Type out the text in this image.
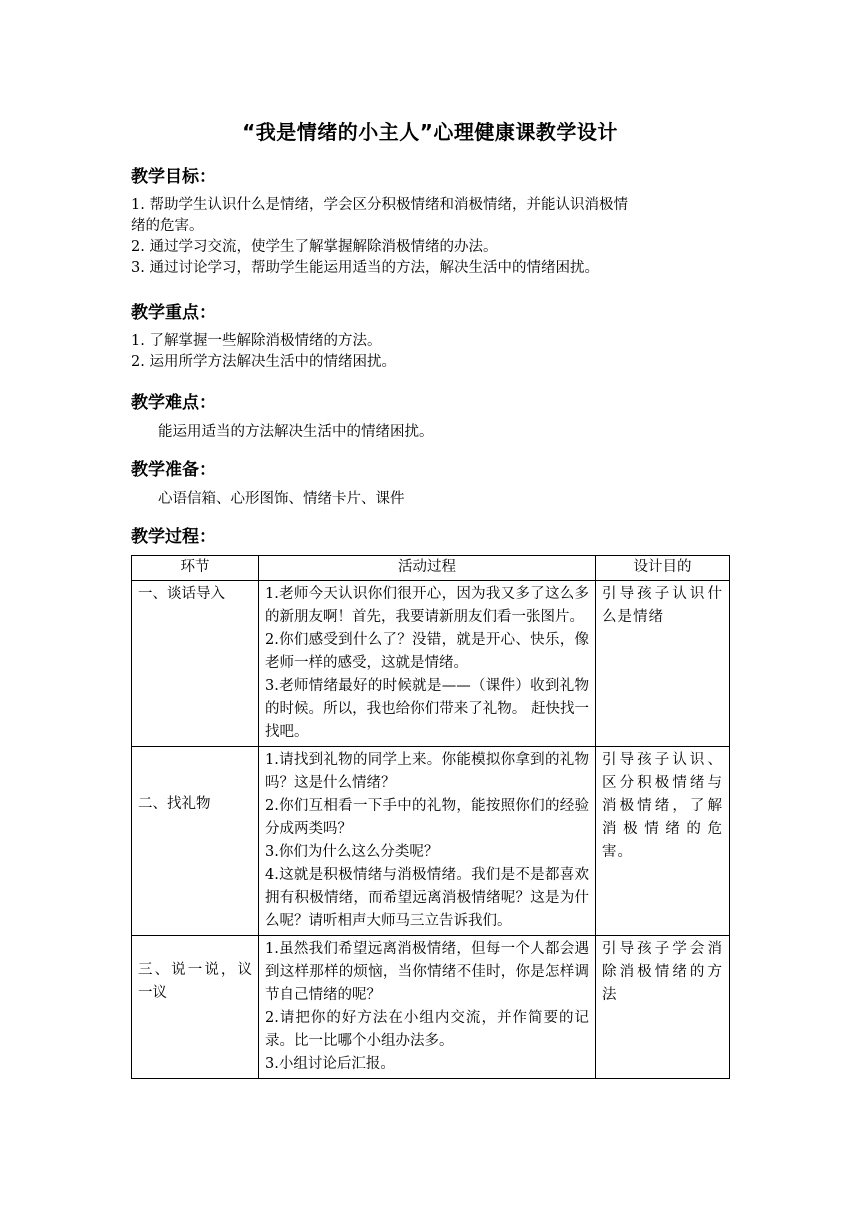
“我是情绪的小主人”心理健康课教学设计
教学目标：
1. 帮助学生认识什么是情绪，学会区分积极情绪和消极情绪，并能认识消极情
绪的危害。
2. 通过学习交流，使学生了解掌握解除消极情绪的办法。
3. 通过讨论学习，帮助学生能运用适当的方法，解决生活中的情绪困扰。
教学重点：
1. 了解掌握一些解除消极情绪的方法。
2. 运用所学方法解决生活中的情绪困扰。
教学难点：
能运用适当的方法解决生活中的情绪困扰。
教学准备：
心语信箱、心形图饰、情绪卡片、课件
教学过程：
环节	活动过程	设计目的
一、谈话导入	1.老师今天认识你们很开心，因为我又多了这么多的新朋友啊！首先，我要请新朋友们看一张图片。
2.你们感受到什么了？没错，就是开心、快乐，像老师一样的感受，这就是情绪。
3.老师情绪最好的时候就是——（课件）收到礼物的时候。所以，我也给你们带来了礼物。 赶快找一找吧。	引导孩子认识什么是情绪
二、找礼物	1.请找到礼物的同学上来。你能模拟你拿到的礼物吗？这是什么情绪？
2.你们互相看一下手中的礼物，能按照你们的经验分成两类吗？
3.你们为什么这么分类呢？
4.这就是积极情绪与消极情绪。我们是不是都喜欢拥有积极情绪，而希望远离消极情绪呢？这是为什么呢？请听相声大师马三立告诉我们。	引导孩子认识、区分积极情绪与消极情绪，了解消极情绪的危害。
三、说一说，议一议	1.虽然我们希望远离消极情绪，但每一个人都会遇到这样那样的烦恼，当你情绪不佳时，你是怎样调节自己情绪的呢？
2.请把你的好方法在小组内交流，并作简要的记录。比一比哪个小组办法多。
3.小组讨论后汇报。	引导孩子学会消除消极情绪的方法
